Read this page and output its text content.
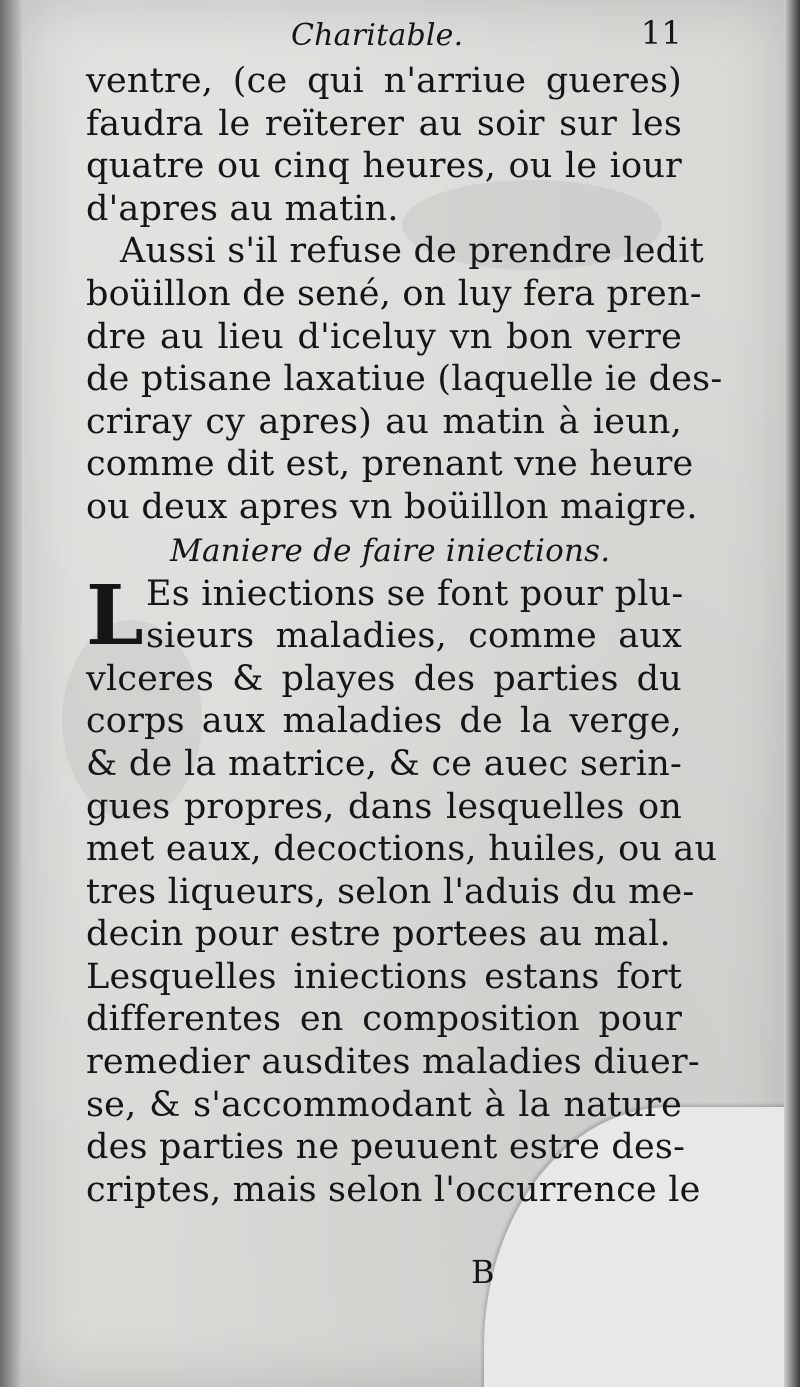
Charitable.	11
ventre, (ce qui n'arriue gueres)
faudra le reïterer au soir sur les
quatre ou cinq heures, ou le iour
d'apres au matin.
Aussi s'il refuse de prendre ledit
boüillon de sené, on luy fera pren-
dre au lieu d'iceluy vn bon verre
de ptisane laxatiue (laquelle ie des-
criray cy apres) au matin à ieun,
comme dit est, prenant vne heure
ou deux apres vn boüillon maigre.
Maniere de faire iniections.
L Es iniections se font pour plu-
sieurs maladies, comme aux
vlceres & playes des parties du
corps aux maladies de la verge,
& de la matrice, & ce auec serin-
gues propres, dans lesquelles on
met eaux, decoctions, huiles, ou au
tres liqueurs, selon l'aduis du me-
decin pour estre portees au mal.
Lesquelles iniections estans fort
differentes en composition pour
remedier ausdites maladies diuer-
se, & s'accommodant à la nature
des parties ne peuuent estre des-
criptes, mais selon l'occurrence le
B
